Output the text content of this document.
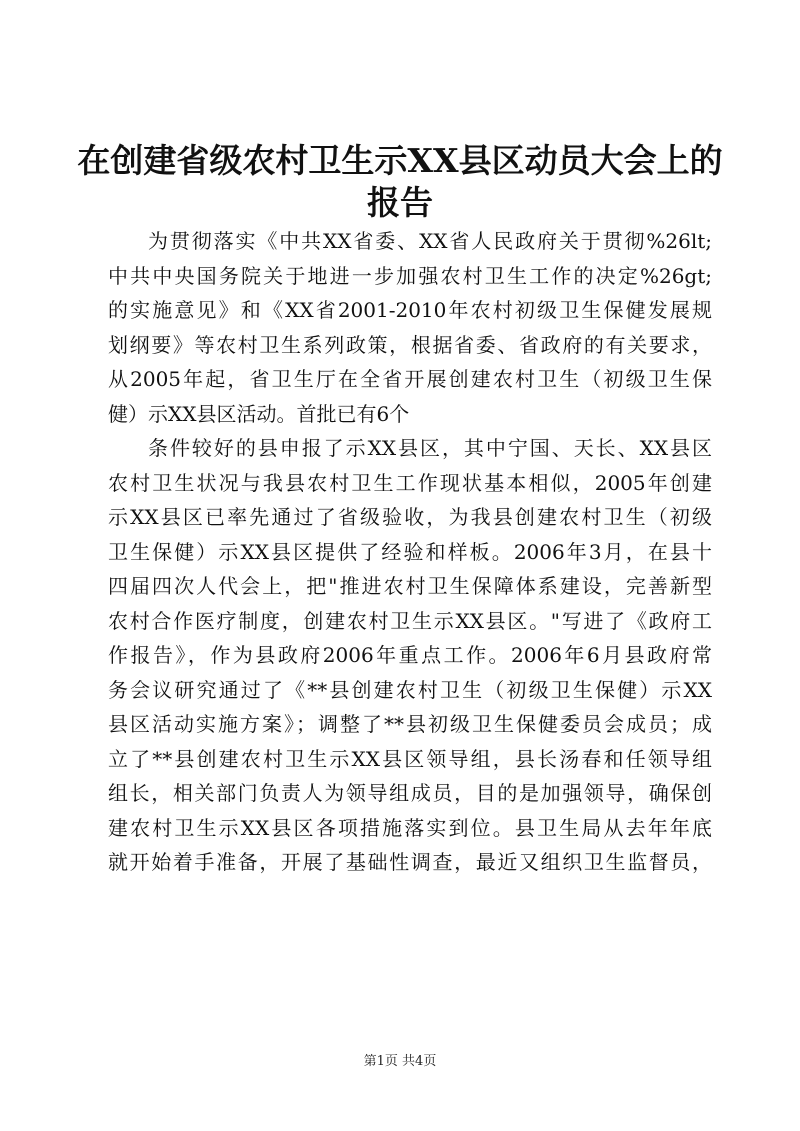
在创建省级农村卫生示XX县区动员大会上的
报告

为贯彻落实《中共XX省委、XX省人民政府关于贯彻%26lt;
中共中央国务院关于地进一步加强农村卫生工作的决定%26gt;
的实施意见》和《XX省2001-2010年农村初级卫生保健发展规
划纲要》等农村卫生系列政策，根据省委、省政府的有关要求，
从2005年起，省卫生厅在全省开展创建农村卫生（初级卫生保
健）示XX县区活动。首批已有6个

条件较好的县申报了示XX县区，其中宁国、天长、XX县区
农村卫生状况与我县农村卫生工作现状基本相似，2005年创建
示XX县区已率先通过了省级验收，为我县创建农村卫生（初级
卫生保健）示XX县区提供了经验和样板。2006年3月，在县十
四届四次人代会上，把"推进农村卫生保障体系建设，完善新型
农村合作医疗制度，创建农村卫生示XX县区。"写进了《政府工
作报告》，作为县政府2006年重点工作。2006年6月县政府常
务会议研究通过了《**县创建农村卫生（初级卫生保健）示XX
县区活动实施方案》；调整了**县初级卫生保健委员会成员；成
立了**县创建农村卫生示XX县区领导组，县长汤春和任领导组
组长，相关部门负责人为领导组成员，目的是加强领导，确保创
建农村卫生示XX县区各项措施落实到位。县卫生局从去年年底
就开始着手准备，开展了基础性调查，最近又组织卫生监督员，

第1页 共4页
